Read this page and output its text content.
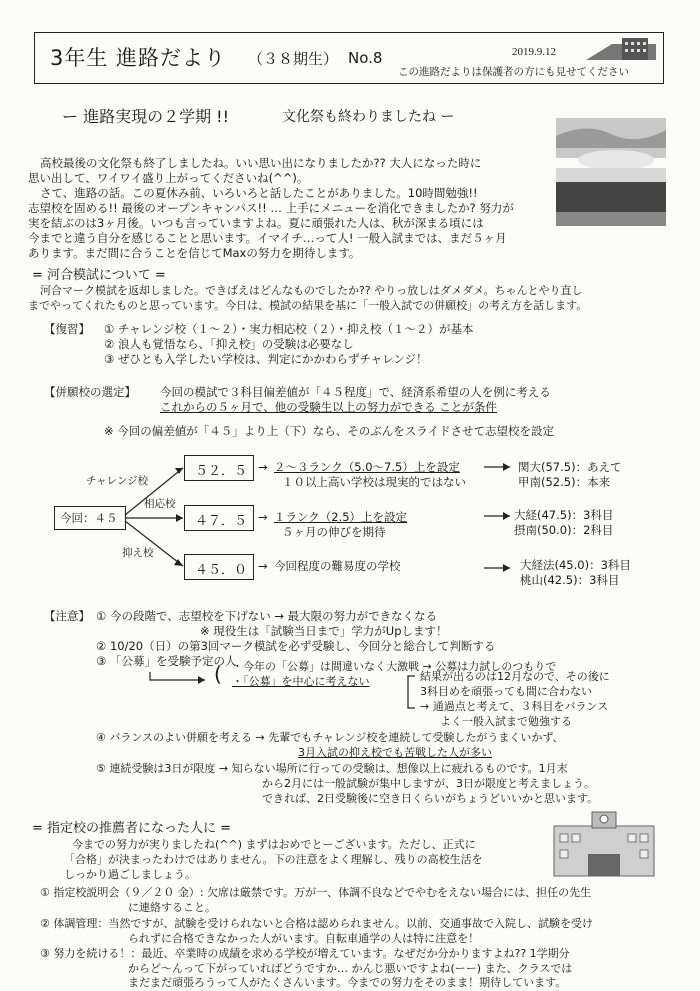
3年生 進路だより （３８期生） No.8	2019.9.12
この進路だよりは保護者の方にも見せてください
ー 進路実現の２学期 !!	文化祭も終わりましたね ー
高校最後の文化祭も終了しましたね。いい思い出になりましたか?? 大人になった時に
思い出して、ワイワイ盛り上がってくださいね(^^)。
さて、進路の話。この夏休み前、いろいろと話したことがありました。10時間勉強!!
志望校を固める!! 最後のオープンキャンパス!! … 上手にメニューを消化できましたか? 努力が
実を結ぶのは3ヶ月後。いつも言っていますよね。夏に頑張れた人は、秋が深まる頃には
今までと違う自分を感じることと思います。イマイチ…って人! 一般入試までは、まだ５ヶ月
あります。まだ間に合うことを信じてMaxの努力を期待します。
= 河合模試について =
河合マーク模試を返却しました。できばえはどんなものでしたか?? やりっ放しはダメダメ。ちゃんとやり直し
までやってくれたものと思っています。今日は、模試の結果を基に「一般入試での併願校」の考え方を話します。
【復習】 ① チャレンジ校（１～２）・実力相応校（２）・抑え校（１～２）が基本
② 浪人も覚悟なら、「抑え校」の受験は必要なし
③ ぜひとも入学したい学校は、判定にかかわらずチャレンジ！
【併願校の選定】 今回の模試で３科目偏差値が「４５程度」で、経済系希望の人を例に考える
これからの５ヶ月で、他の受験生以上の努力ができる ことが条件
※ 今回の偏差値が「４５」より上（下）なら、そのぶんをスライドさせて志望校を設定
今回：４５
チャレンジ校
５２．５ → ２～３ランク（5.0～7.5）上を設定
１０以上高い学校は現実的ではない
関大(57.5)：あえて
甲南(52.5)：本来
相応校
４７．５ → １ランク（2.5）上を設定
５ヶ月の伸びを期待
大経(47.5)：3科目
摂南(50.0)：2科目
抑え校
４５．０ → 今回程度の難易度の学校	大経法(45.0)：3科目
桃山(42.5)：3科目
【注意】 ① 今の段階で、志望校を下げない → 最大限の努力ができなくなる
※ 現役生は「試験当日まで」学力がUpします！
② 10/20（日）の第3回マーク模試を必ず受験し、今回分と総合して判断する
③ 「公募」を受験予定の人
・今年の「公募」は間違いなく大激戦 → 公募は力試しのつもりで
・「公募」を中心に考えない
(	結果が出るのは12月なので、その後に
3科目めを頑張っても間に合わない
→ 通過点と考えて、３科目をバランス
よく一般入試まで勉強する
④ バランスのよい併願を考える → 先輩でもチャレンジ校を連続して受験したがうまくいかず、
3月入試の抑え校でも苦戦した人が多い
⑤ 連続受験は3日が限度 → 知らない場所に行っての受験は、想像以上に疲れるものです。1月末
から2月には一般試験が集中しますが、3日が限度と考えましょう。
できれば、2日受験後に空き日くらいがちょうどいいかと思います。
= 指定校の推薦者になった人に =
今までの努力が実りましたね(^^) まずはおめでとーございます。ただし、正式に
「合格」が決まったわけではありません。下の注意をよく理解し、残りの高校生活を
しっかり過ごしましょう。
① 指定校説明会（９／２０ 金）: 欠席は厳禁です。万が一、体調不良などでやむをえない場合には、担任の先生
に連絡すること。
② 体調管理：当然ですが、試験を受けられないと合格は認められません。以前、交通事故で入院し、試験を受け
られずに合格できなかった人がいます。自転車通学の人は特に注意を！
③ 努力を続ける！：最近、卒業時の成績を求める学校が増えています。なぜだか分かりますよね?? 1学期分
からど～んって下がっていればどうですか… かんじ悪いですよね(ーー) また、クラスでは
まだまだ頑張ろうって人がたくさんいます。今までの努力をそのまま！期待しています。
